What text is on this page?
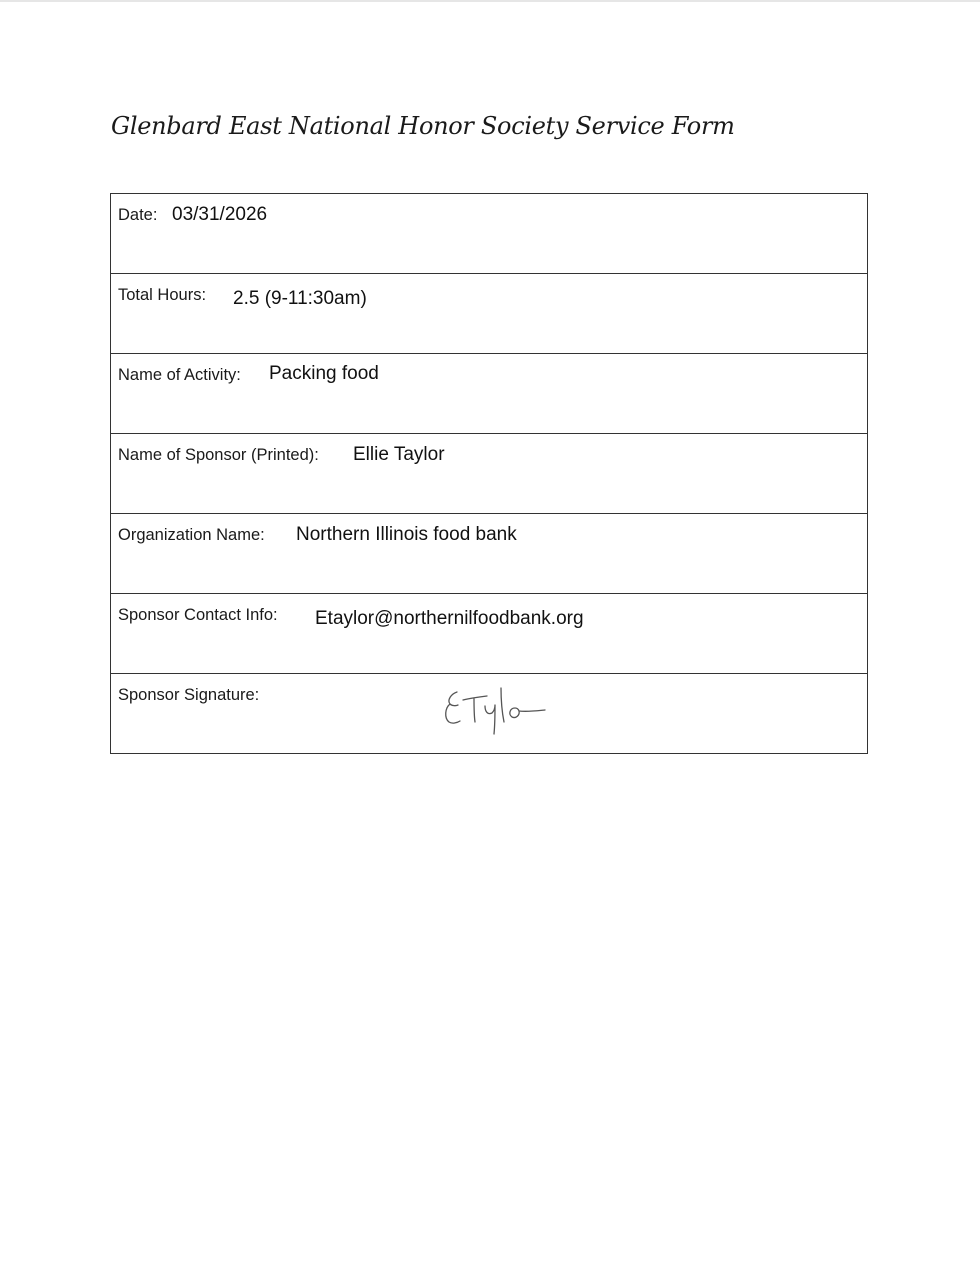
Glenbard East National Honor Society Service Form
Date: 03/31/2026
Total Hours: 2.5 (9-11:30am)
Name of Activity: Packing food
Name of Sponsor (Printed): Ellie Taylor
Organization Name: Northern Illinois food bank
Sponsor Contact Info: Etaylor@northernilfoodbank.org
Sponsor Signature:
